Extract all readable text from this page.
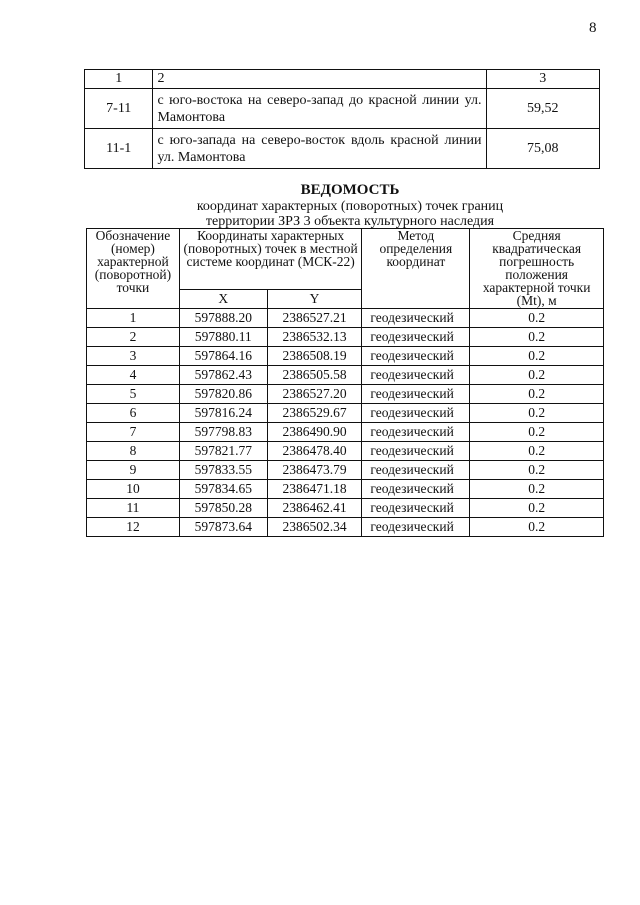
8
1	2	3
7-11	с юго-востока на северо-запад до красной линии ул. Мамонтова	59,52
11-1	с юго-запада на северо-восток вдоль красной линии ул. Мамонтова	75,08
ВЕДОМОСТЬ
координат характерных (поворотных) точек границ
территории ЗРЗ 3 объекта культурного наследия
Обозначение (номер) характерной (поворотной) точки	Координаты характерных (поворотных) точек в местной системе координат (МСК-22)		Метод определения координат	Средняя квадратическая погрешность положения характерной точки (Mt), м
	X	Y		
1	597888.20	2386527.21	геодезический	0.2
2	597880.11	2386532.13	геодезический	0.2
3	597864.16	2386508.19	геодезический	0.2
4	597862.43	2386505.58	геодезический	0.2
5	597820.86	2386527.20	геодезический	0.2
6	597816.24	2386529.67	геодезический	0.2
7	597798.83	2386490.90	геодезический	0.2
8	597821.77	2386478.40	геодезический	0.2
9	597833.55	2386473.79	геодезический	0.2
10	597834.65	2386471.18	геодезический	0.2
11	597850.28	2386462.41	геодезический	0.2
12	597873.64	2386502.34	геодезический	0.2
